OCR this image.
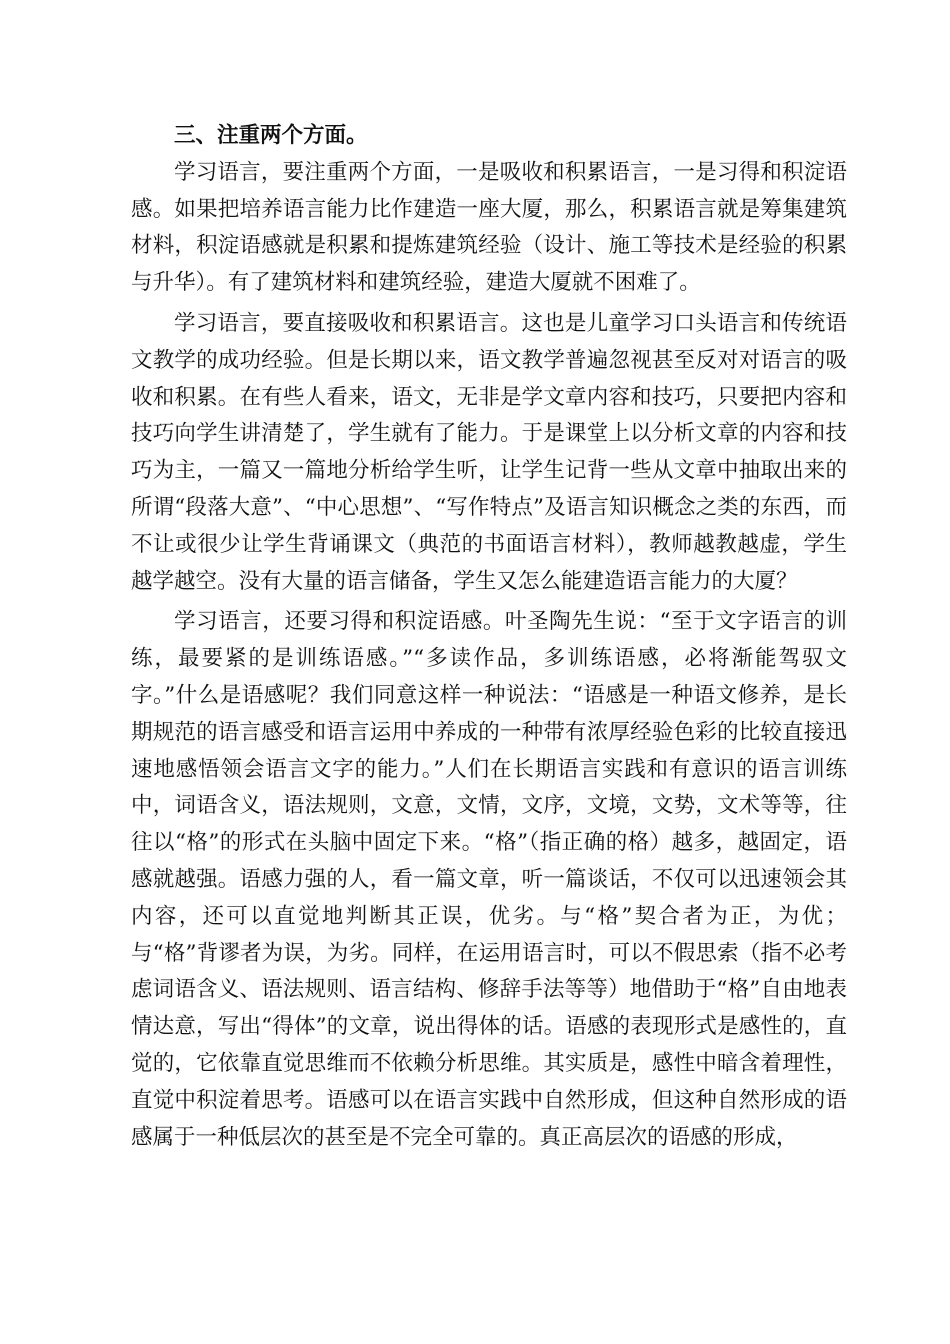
三、注重两个方面。

学习语言，要注重两个方面，一是吸收和积累语言，一是习得和积淀语感。如果把培养语言能力比作建造一座大厦，那么，积累语言就是筹集建筑材料，积淀语感就是积累和提炼建筑经验（设计、施工等技术是经验的积累与升华）。有了建筑材料和建筑经验，建造大厦就不困难了。

学习语言，要直接吸收和积累语言。这也是儿童学习口头语言和传统语文教学的成功经验。但是长期以来，语文教学普遍忽视甚至反对对语言的吸收和积累。在有些人看来，语文，无非是学文章内容和技巧，只要把内容和技巧向学生讲清楚了，学生就有了能力。于是课堂上以分析文章的内容和技巧为主，一篇又一篇地分析给学生听，让学生记背一些从文章中抽取出来的所谓“段落大意”、“中心思想”、“写作特点”及语言知识概念之类的东西，而不让或很少让学生背诵课文（典范的书面语言材料），教师越教越虚，学生越学越空。没有大量的语言储备，学生又怎么能建造语言能力的大厦？

学习语言，还要习得和积淀语感。叶圣陶先生说：“至于文字语言的训练，最要紧的是训练语感。”“多读作品，多训练语感，必将渐能驾驭文字。”什么是语感呢？我们同意这样一种说法：“语感是一种语文修养，是长期规范的语言感受和语言运用中养成的一种带有浓厚经验色彩的比较直接迅速地感悟领会语言文字的能力。”人们在长期语言实践和有意识的语言训练中，词语含义，语法规则，文意，文情，文序，文境，文势，文术等等，往往以“格”的形式在头脑中固定下来。“格”（指正确的格）越多，越固定，语感就越强。语感力强的人，看一篇文章，听一篇谈话，不仅可以迅速领会其内容，还可以直觉地判断其正误，优劣。与“格”契合者为正，为优；与“格”背谬者为误，为劣。同样，在运用语言时，可以不假思索（指不必考虑词语含义、语法规则、语言结构、修辞手法等等）地借助于“格”自由地表情达意，写出“得体”的文章，说出得体的话。语感的表现形式是感性的，直觉的，它依靠直觉思维而不依赖分析思维。其实质是，感性中暗含着理性，直觉中积淀着思考。语感可以在语言实践中自然形成，但这种自然形成的语感属于一种低层次的甚至是不完全可靠的。真正高层次的语感的形成，
